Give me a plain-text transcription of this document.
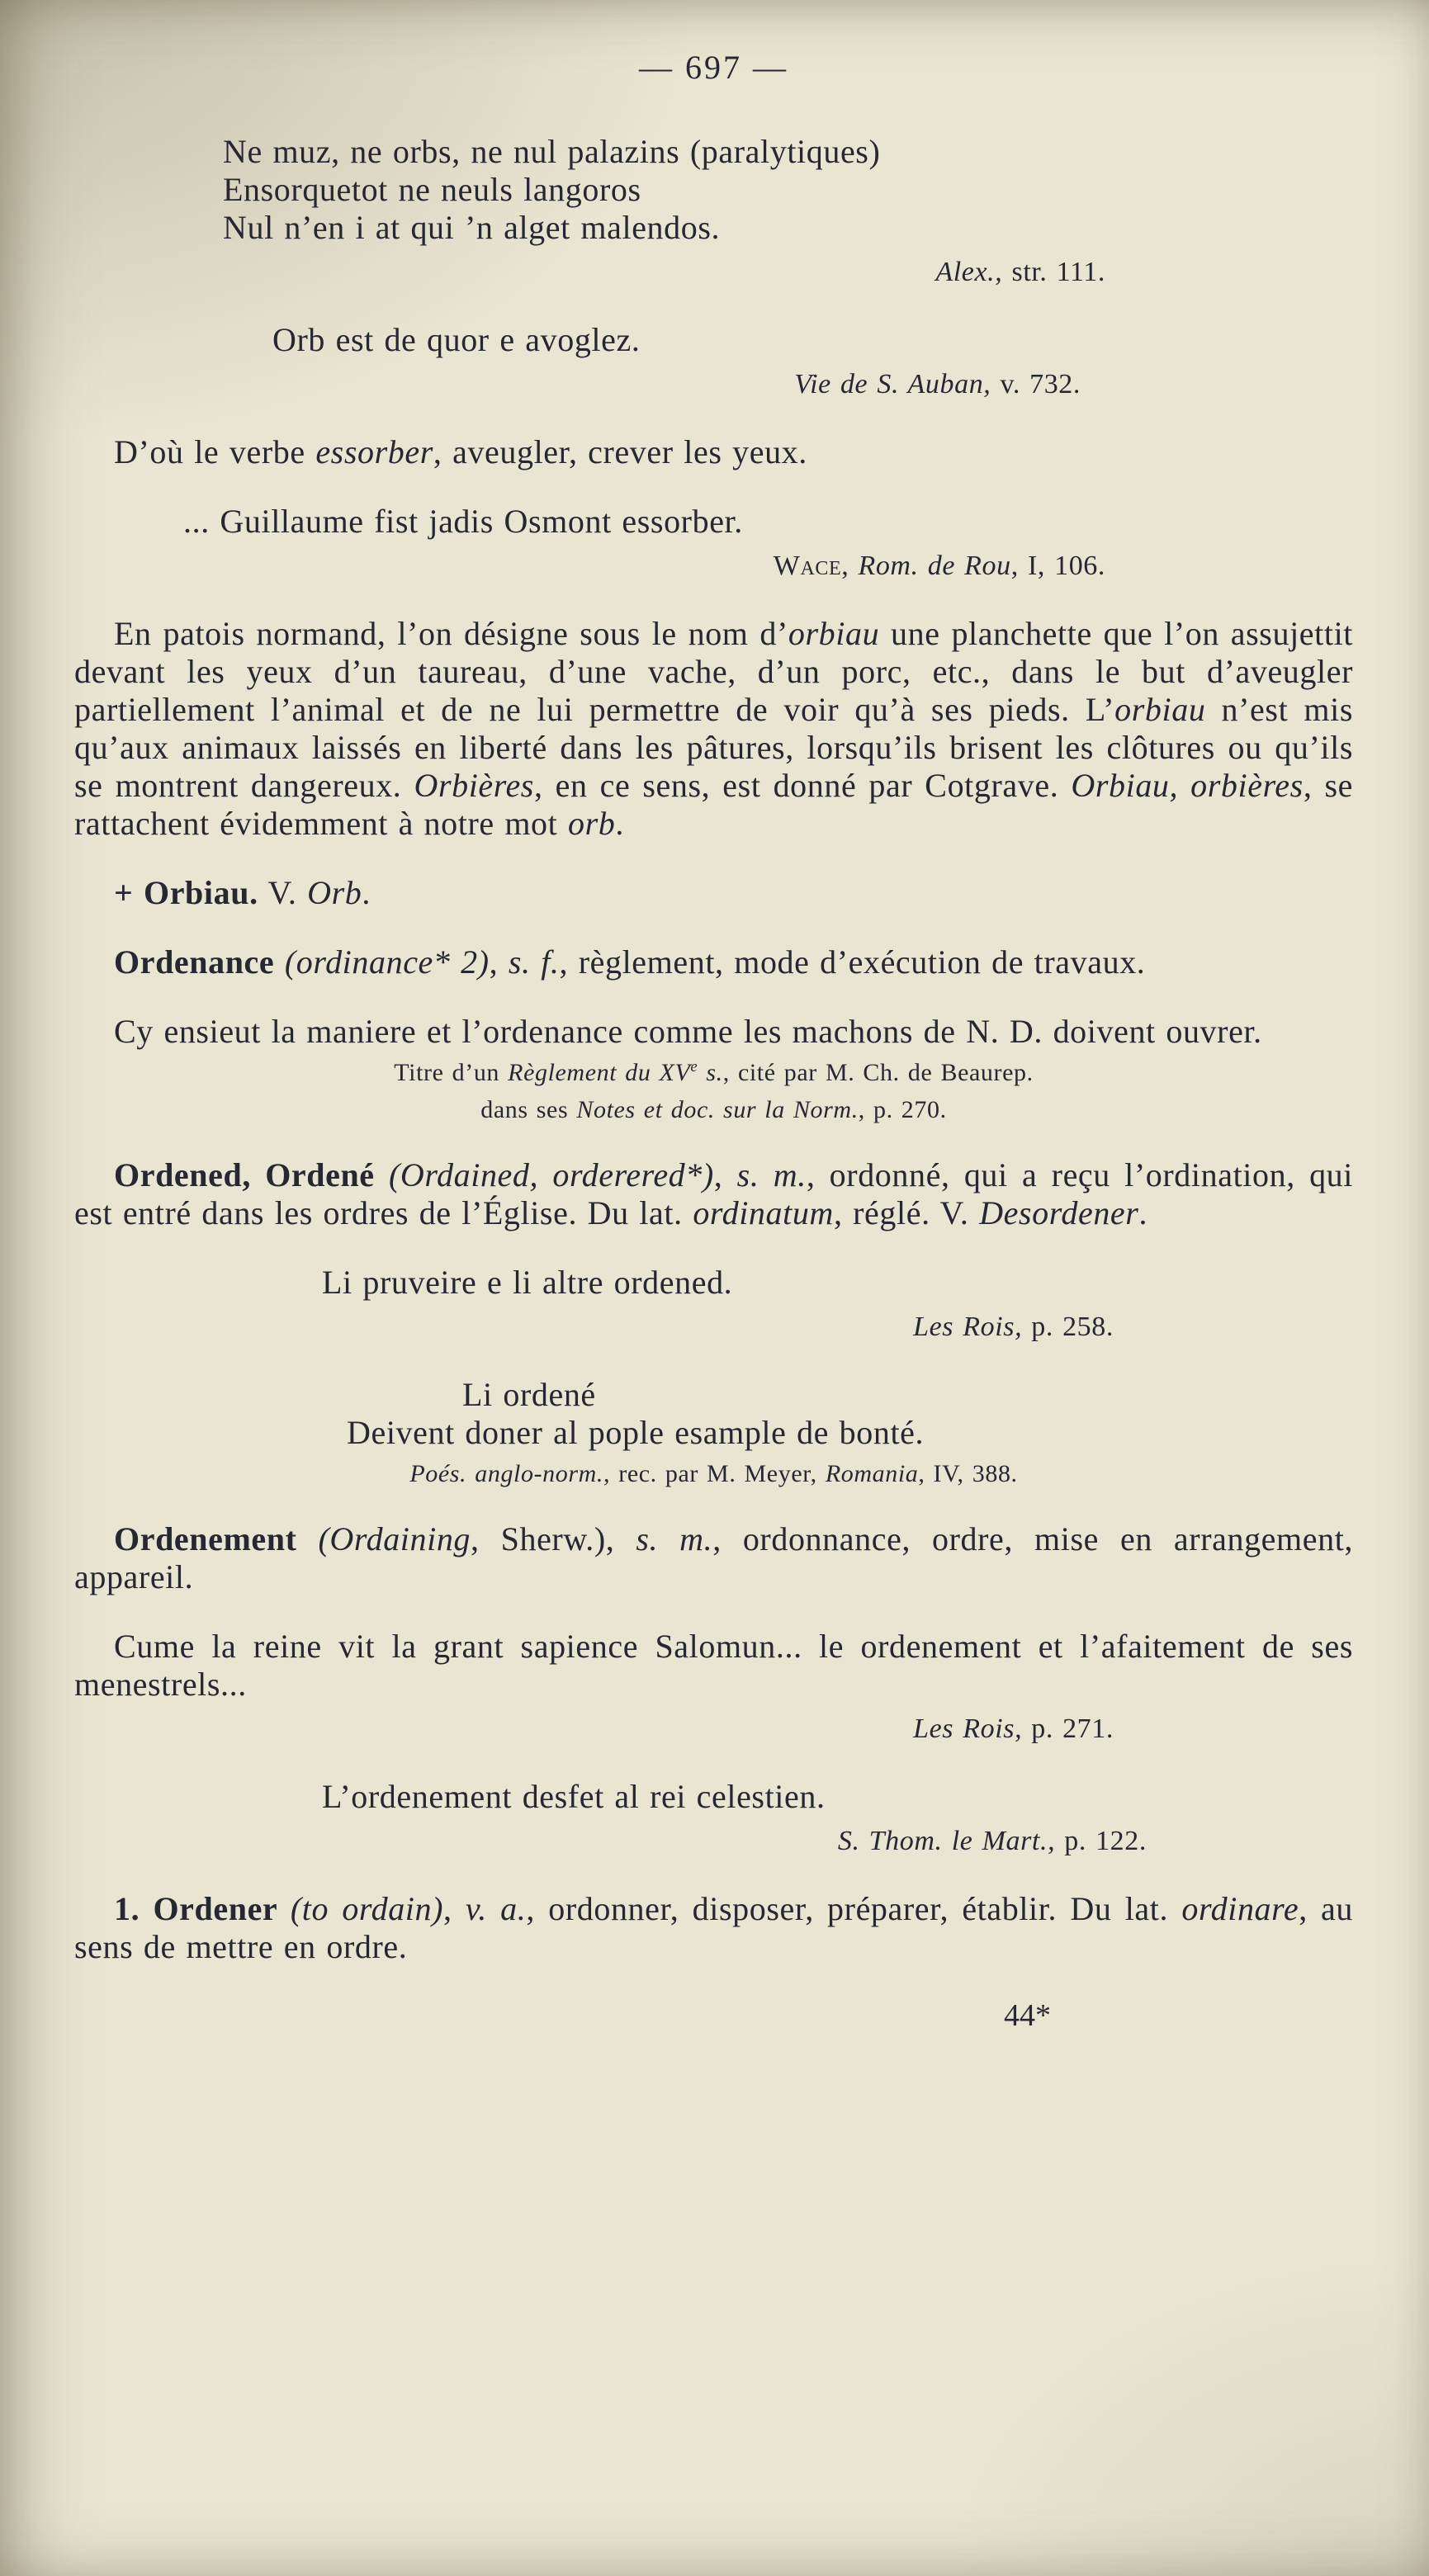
— 697 —
Ne muz, ne orbs, ne nul palazins (paralytiques)
Ensorquetot ne neuls langoros
Nul n’en i at qui ’n alget malendos.
Alex., str. 111.
Orb est de quor e avoglez.
Vie de S. Auban, v. 732.
D’où le verbe essorber, aveugler, crever les yeux.
... Guillaume fist jadis Osmont essorber.
Wace, Rom. de Rou, I, 106.
En patois normand, l’on désigne sous le nom d’orbiau une planchette que l’on assujettit devant les yeux d’un taureau, d’une vache, d’un porc, etc., dans le but d’aveugler partiellement l’animal et de ne lui permettre de voir qu’à ses pieds. L’orbiau n’est mis qu’aux animaux laissés en liberté dans les pâtures, lorsqu’ils brisent les clôtures ou qu’ils se montrent dangereux. Orbières, en ce sens, est donné par Cotgrave. Orbiau, orbières, se rattachent évidemment à notre mot orb.
+ Orbiau. V. Orb.
Ordenance (ordinance* 2), s. f., règlement, mode d’exécution de travaux.
Cy ensieut la maniere et l’ordenance comme les machons de N. D. doivent ouvrer.
Titre d’un Règlement du XVe s., cité par M. Ch. de Beaurep.
dans ses Notes et doc. sur la Norm., p. 270.
Ordened, Ordené (Ordained, orderered*), s. m., ordonné, qui a reçu l’ordination, qui est entré dans les ordres de l’Église. Du lat. ordinatum, réglé. V. Desordener.
Li pruveire e li altre ordened.
Les Rois, p. 258.
Li ordené
Deivent doner al pople esample de bonté.
Poés. anglo-norm., rec. par M. Meyer, Romania, IV, 388.
Ordenement (Ordaining, Sherw.), s. m., ordonnance, ordre, mise en arrangement, appareil.
Cume la reine vit la grant sapience Salomun... le ordenement et l’afaitement de ses menestrels...
Les Rois, p. 271.
L’ordenement desfet al rei celestien.
S. Thom. le Mart., p. 122.
1. Ordener (to ordain), v. a., ordonner, disposer, préparer, établir. Du lat. ordinare, au sens de mettre en ordre.
44*
